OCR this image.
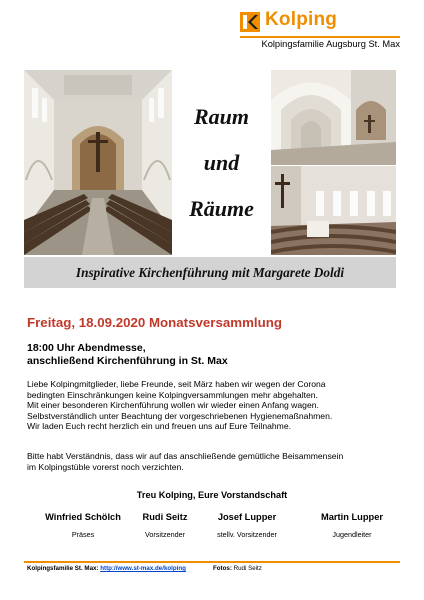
Kolping
Kolpingsfamilie Augsburg St. Max
Raum
und
Räume
Inspirative Kirchenführung mit Margarete Doldi
Freitag, 18.09.2020 Monatsversammlung
18:00 Uhr Abendmesse,
anschließend Kirchenführung in St. Max
Liebe Kolpingmitglieder, liebe Freunde, seit März haben wir wegen der Corona
bedingten Einschränkungen keine Kolpingversammlungen mehr abgehalten.
Mit einer besonderen Kirchenführung wollen wir wieder einen Anfang wagen.
Selbstverständlich unter Beachtung der vorgeschriebenen Hygienemaßnahmen.
Wir laden Euch recht herzlich ein und freuen uns auf Eure Teilnahme.
Bitte habt Verständnis, dass wir auf das anschließende gemütliche Beisammensein
im Kolpingstüble vorerst noch verzichten.
Treu Kolping, Eure Vorstandschaft
Winfried Schölch
Präses
Rudi Seitz
Vorsitzender
Josef Lupper
stellv. Vorsitzender
Martin Lupper
Jugendleiter
Kolpingsfamilie St. Max: http://www.st-max.de/kolping	Fotos: Rudi Seitz
